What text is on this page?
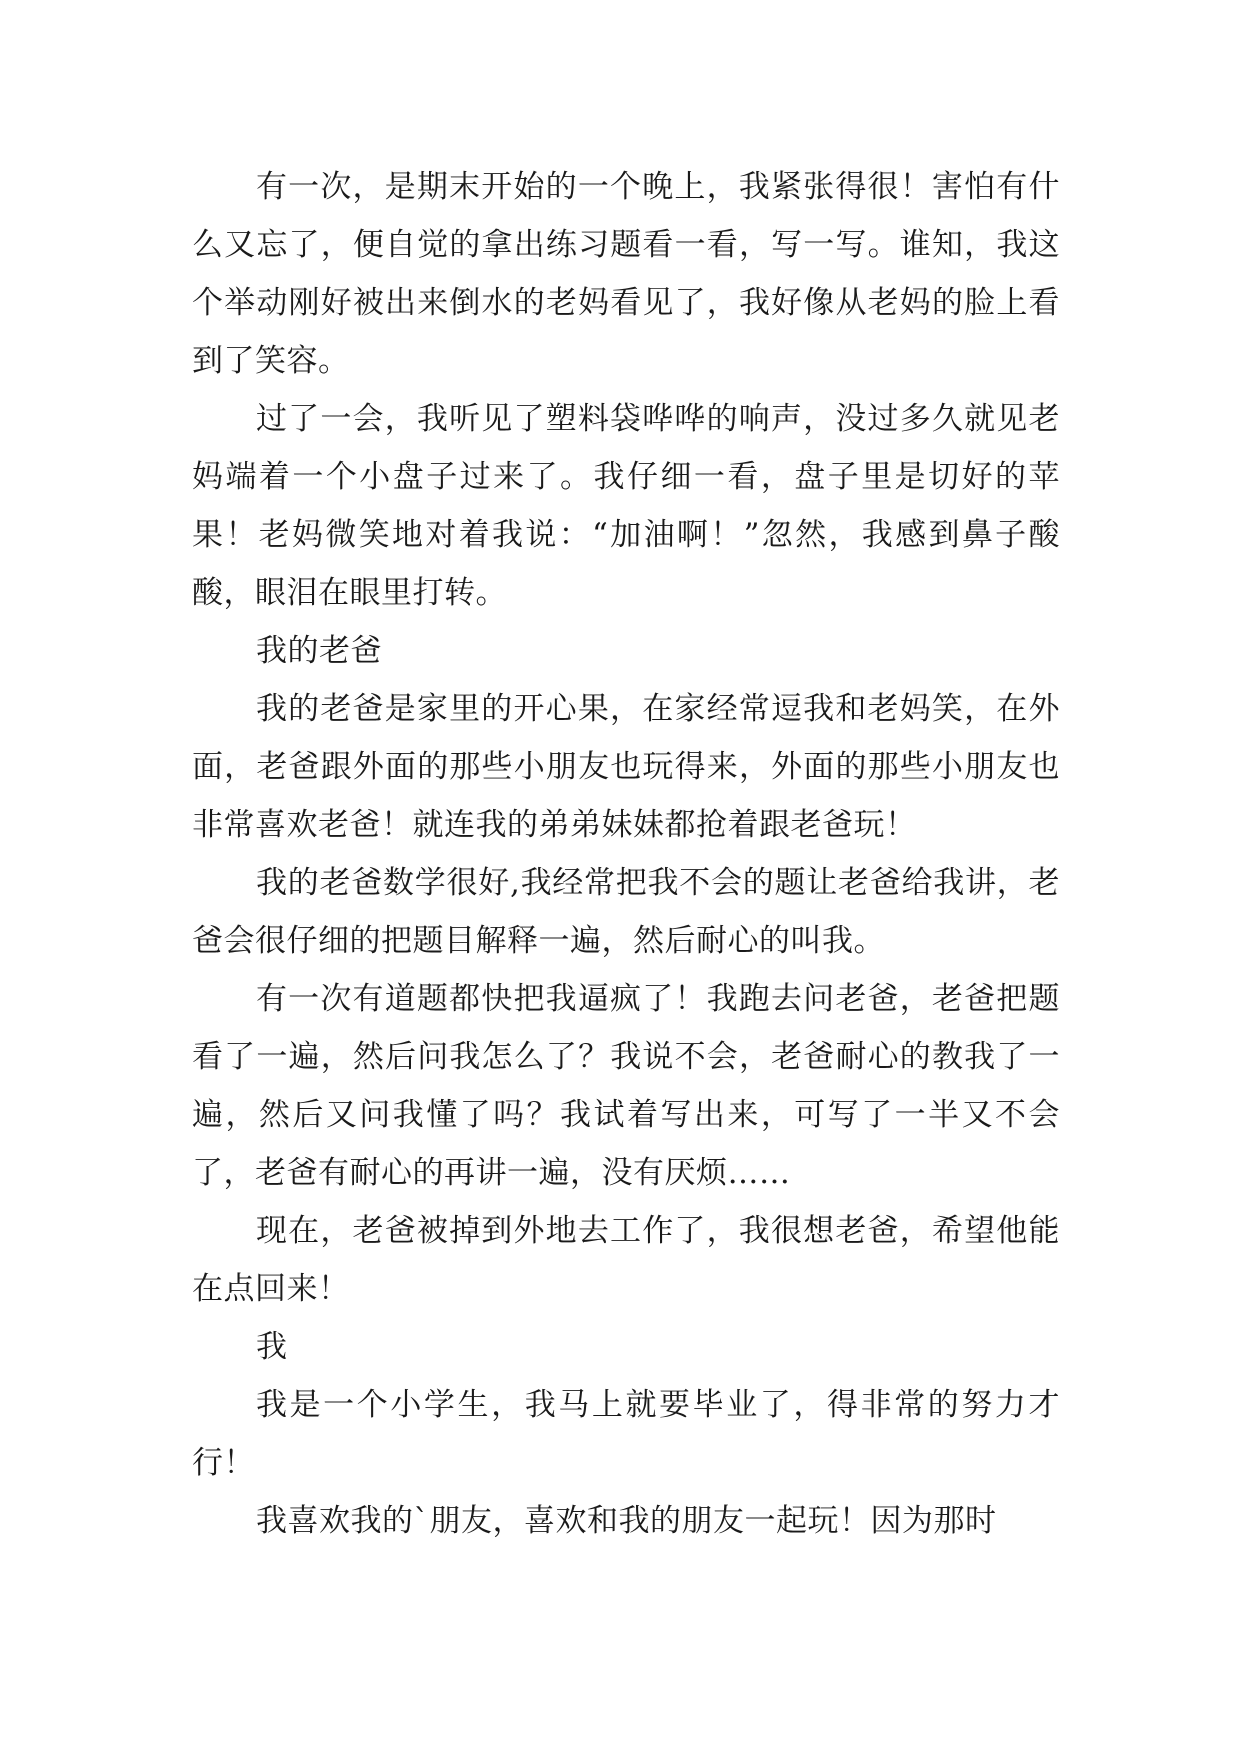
有一次，是期末开始的一个晚上，我紧张得很！害怕有什么又忘了，便自觉的拿出练习题看一看，写一写。谁知，我这个举动刚好被出来倒水的老妈看见了，我好像从老妈的脸上看到了笑容。

过了一会，我听见了塑料袋哗哗的响声，没过多久就见老妈端着一个小盘子过来了。我仔细一看，盘子里是切好的苹果！老妈微笑地对着我说：“加油啊！”忽然，我感到鼻子酸酸，眼泪在眼里打转。

我的老爸

我的老爸是家里的开心果，在家经常逗我和老妈笑，在外面，老爸跟外面的那些小朋友也玩得来，外面的那些小朋友也非常喜欢老爸！就连我的弟弟妹妹都抢着跟老爸玩！

我的老爸数学很好,我经常把我不会的题让老爸给我讲，老爸会很仔细的把题目解释一遍，然后耐心的叫我。

有一次有道题都快把我逼疯了！我跑去问老爸，老爸把题看了一遍，然后问我怎么了？我说不会，老爸耐心的教我了一遍，然后又问我懂了吗？我试着写出来，可写了一半又不会了，老爸有耐心的再讲一遍，没有厌烦……

现在，老爸被掉到外地去工作了，我很想老爸，希望他能在点回来！

我

我是一个小学生，我马上就要毕业了，得非常的努力才行！

我喜欢我的`朋友，喜欢和我的朋友一起玩！因为那时
